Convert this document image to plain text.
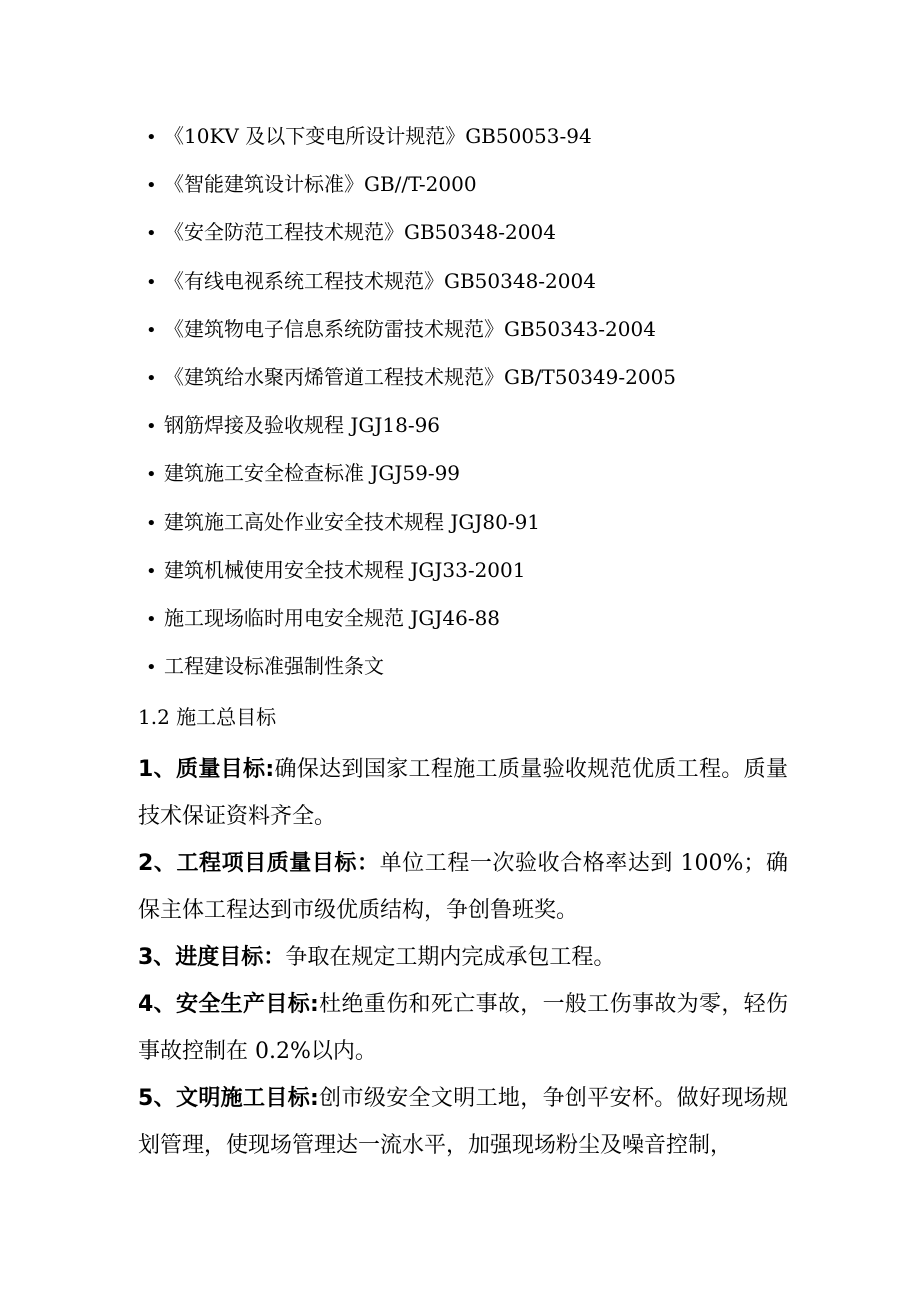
• 《10KV 及以下变电所设计规范》GB50053-94
• 《智能建筑设计标准》GB//T-2000
• 《安全防范工程技术规范》GB50348-2004
• 《有线电视系统工程技术规范》GB50348-2004
• 《建筑物电子信息系统防雷技术规范》GB50343-2004
• 《建筑给水聚丙烯管道工程技术规范》GB/T50349-2005
• 钢筋焊接及验收规程 JGJ18-96
• 建筑施工安全检查标准 JGJ59-99
• 建筑施工高处作业安全技术规程 JGJ80-91
• 建筑机械使用安全技术规程 JGJ33-2001
• 施工现场临时用电安全规范 JGJ46-88
• 工程建设标准强制性条文
1.2 施工总目标

1、质量目标:确保达到国家工程施工质量验收规范优质工程。质量技术保证资料齐全。

2、工程项目质量目标：单位工程一次验收合格率达到 100%；确保主体工程达到市级优质结构，争创鲁班奖。

3、进度目标：争取在规定工期内完成承包工程。

4、安全生产目标:杜绝重伤和死亡事故，一般工伤事故为零，轻伤事故控制在 0.2%以内。

5、文明施工目标:创市级安全文明工地，争创平安杯。做好现场规划管理，使现场管理达一流水平，加强现场粉尘及噪音控制，
